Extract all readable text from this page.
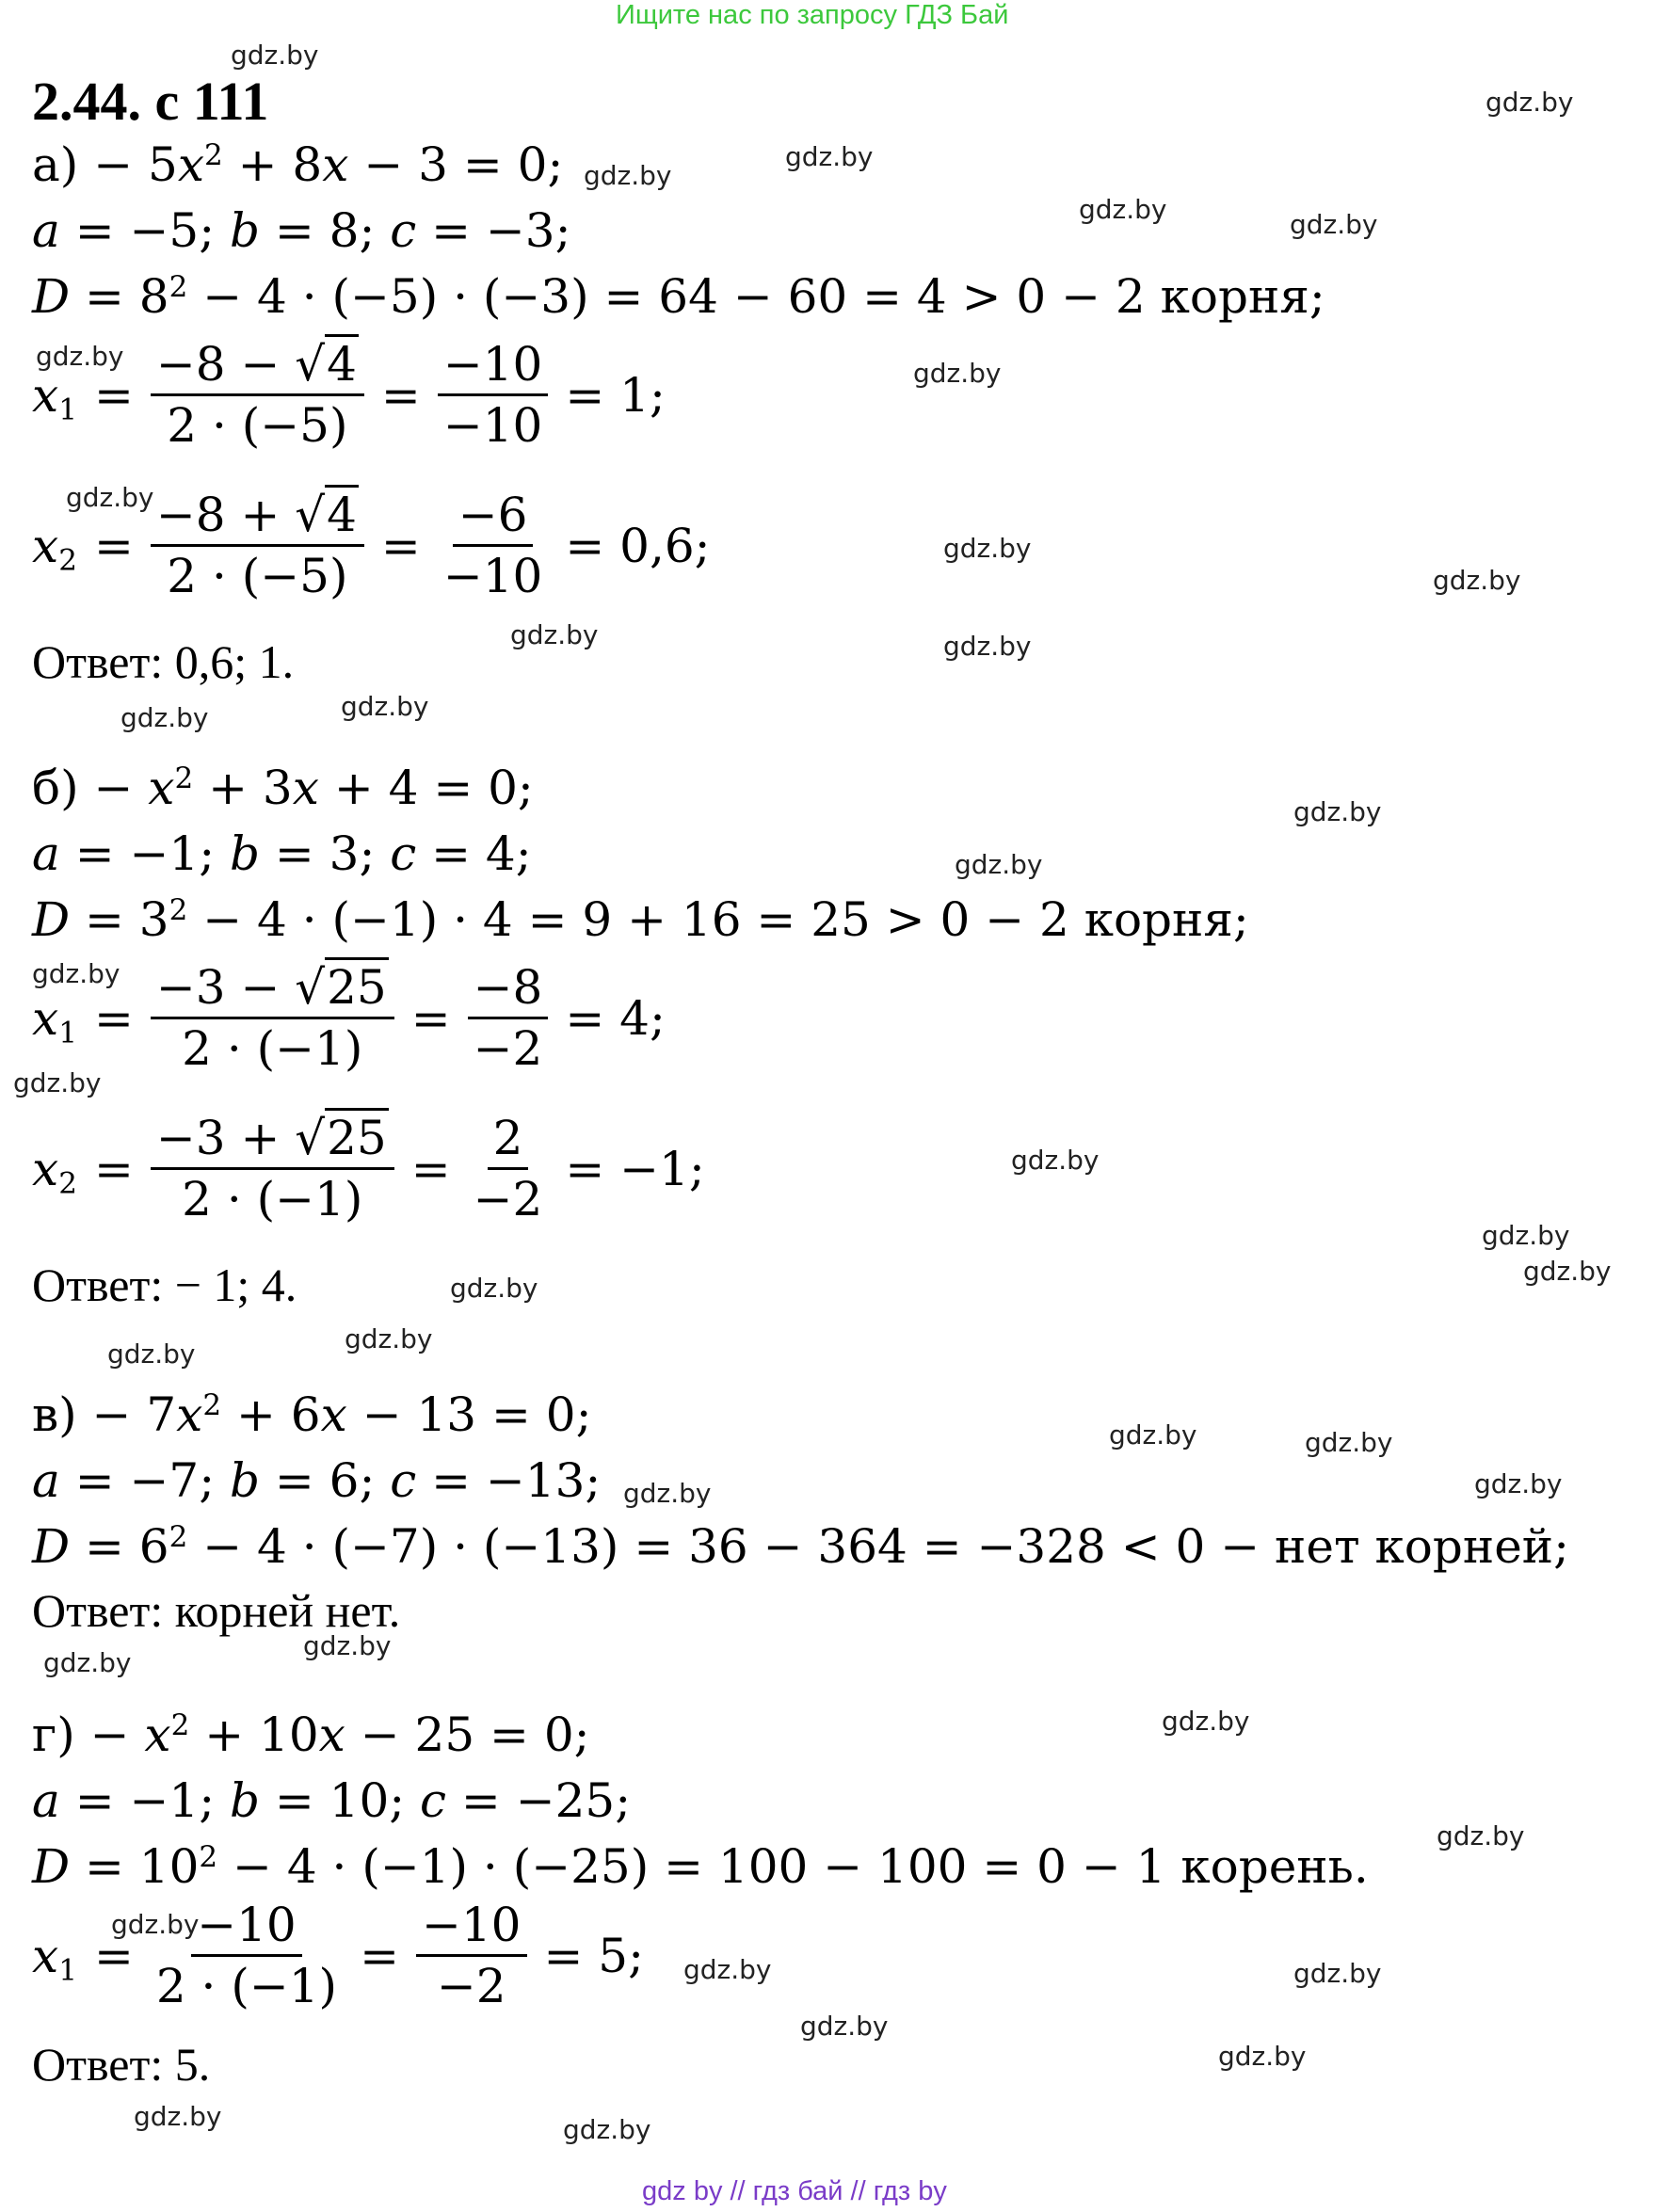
Ищите нас по запросу ГДЗ Бай
2.44. с 111
$а) - 5x^2 + 8x - 3 = 0$;
a = −5; b = 8; c = −3;
$D = 8^2 - 4 \cdot (-5) \cdot (-3) = 64 - 60 = 4 > 0 - 2$ корня;
$x_1 = \frac{-8 - √4}{2 \cdot (-5)} = \frac{-10}{-10} = 1$;
$x_2 = \frac{-8 + √4}{2 \cdot (-5)} = \frac{-6}{-10} = 0,6$;
Ответ: 0,6; 1.
$б) - x^2 + 3x + 4 = 0$;
a = −1; b = 3; c = 4;
$D = 3^2 - 4 \cdot (-1) \cdot 4 = 9 + 16 = 25 > 0 - 2$ корня;
$x_1 = \frac{-3 - √25}{2 \cdot (-1)} = \frac{-8}{-2} = 4$;
$x_2 = \frac{-3 + √25}{2 \cdot (-1)} = \frac{2}{-2} = -1$;
Ответ: − 1; 4.
$в) - 7x^2 + 6x - 13 = 0$;
a = −7; b = 6; c = −13;
$D = 6^2 - 4 \cdot (-7) \cdot (-13) = 36 - 364 = -328 < 0$ − нет корней;
Ответ: корней нет.
$г) - x^2 + 10x - 25 = 0$;
a = −1; b = 10; c = −25;
$D = 10^2 - 4 \cdot (-1) \cdot (-25) = 100 - 100 = 0 - 1$ корень.
$x_1 = \frac{-10}{2 \cdot (-1)} = \frac{-10}{-2} = 5$;
Ответ: 5.
gdz.by
gdz.by
gdz.by
gdz.by
gdz.by	gdz.by
gdz.by
gdz.by
gdz.by
gdz.by
gdz.by
gdz.by	gdz.by
gdz.by
gdz.by
gdz.by
gdz.by
gdz.by
gdz.by
gdz.by
gdz.by
gdz.by
gdz.by
gdz.by
gdz.by
gdz.by	gdz.by
gdz.by
gdz.by
gdz.by
gdz.by
gdz.by
gdz.by
gdz.by
gdz.by	gdz.by
gdz.by
gdz.by
gdz.by	gdz.by
gdz by // гдз бай // гдз by
